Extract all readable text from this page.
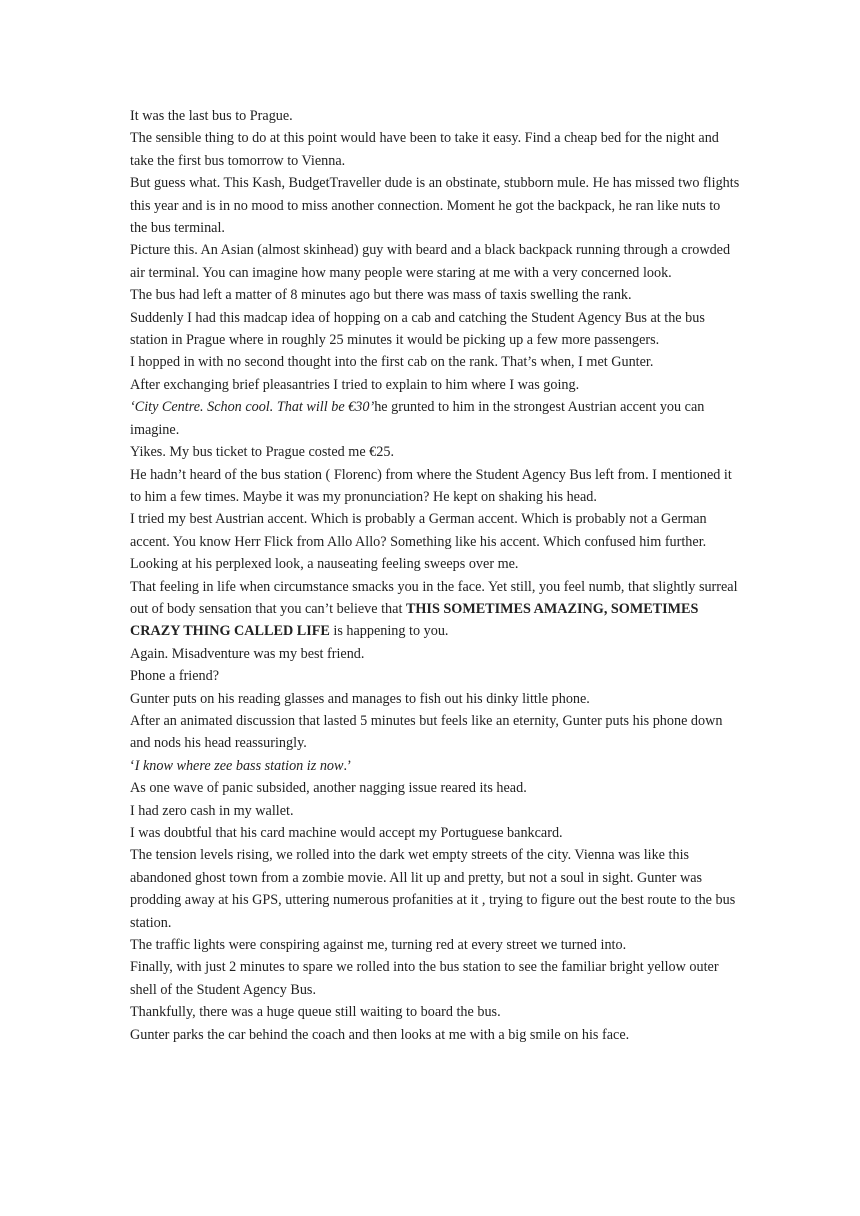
It was the last bus to Prague.

The sensible thing to do at this point would have been to take it easy. Find a cheap bed for the night and take the first bus tomorrow to Vienna.

But guess what. This Kash, BudgetTraveller dude is an obstinate, stubborn mule. He has missed two flights this year and is in no mood to miss another connection. Moment he got the backpack, he ran like nuts to the bus terminal.

Picture this. An Asian (almost skinhead) guy with beard and a black backpack running through a crowded air terminal. You can imagine how many people were staring at me with a very concerned look.

The bus had left a matter of 8 minutes ago but there was mass of taxis swelling the rank.

Suddenly I had this madcap idea of hopping on a cab and catching the Student Agency Bus at the bus station in Prague where in roughly 25 minutes it would be picking up a few more passengers.

I hopped in with no second thought into the first cab on the rank. That’s when, I met Gunter.

After exchanging brief pleasantries I tried to explain to him where I was going.

‘City Centre. Schon cool. That will be €30’he grunted to him in the strongest Austrian accent you can imagine.

Yikes. My bus ticket to Prague costed me €25.

He hadn’t heard of the bus station ( Florenc) from where the Student Agency Bus left from. I mentioned it to him a few times. Maybe it was my pronunciation? He kept on shaking his head.

I tried my best Austrian accent. Which is probably a German accent. Which is probably not a German accent. You know Herr Flick from Allo Allo? Something like his accent. Which confused him further.

Looking at his perplexed look, a nauseating feeling sweeps over me.

That feeling in life when circumstance smacks you in the face. Yet still, you feel numb, that slightly surreal out of body sensation that you can’t believe that THIS SOMETIMES AMAZING, SOMETIMES CRAZY THING CALLED LIFE is happening to you.

Again. Misadventure was my best friend.

Phone a friend?

Gunter puts on his reading glasses and manages to fish out his dinky little phone.

After an animated discussion that lasted 5 minutes but feels like an eternity, Gunter puts his phone down and nods his head reassuringly.

‘I know where zee bass station iz now.’

As one wave of panic subsided, another nagging issue reared its head.

I had zero cash in my wallet.

I was doubtful that his card machine would accept my Portuguese bankcard.

The tension levels rising, we rolled into the dark wet empty streets of the city. Vienna was like this abandoned ghost town from a zombie movie. All lit up and pretty, but not a soul in sight. Gunter was prodding away at his GPS, uttering numerous profanities at it , trying to figure out the best route to the bus station.

The traffic lights were conspiring against me, turning red at every street we turned into.

Finally, with just 2 minutes to spare we rolled into the bus station to see the familiar bright yellow outer shell of the Student Agency Bus.

Thankfully, there was a huge queue still waiting to board the bus.

Gunter parks the car behind the coach and then looks at me with a big smile on his face.
